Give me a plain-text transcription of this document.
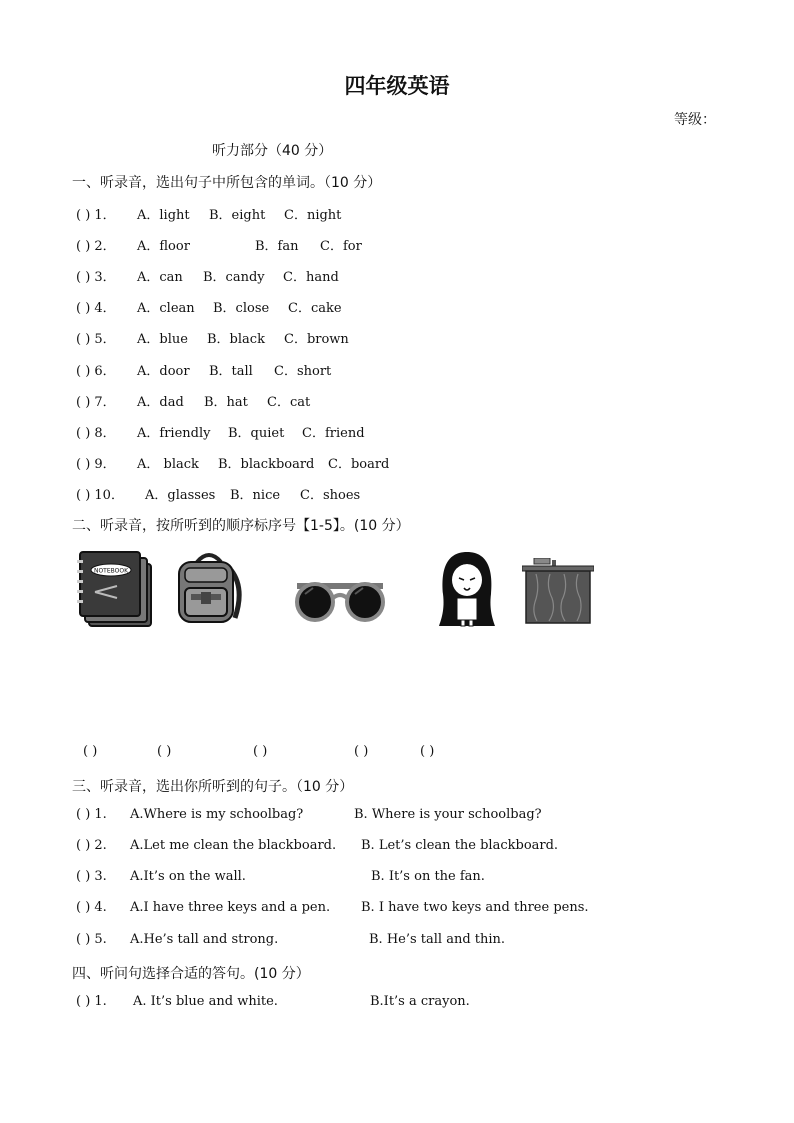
四年级英语
等级：
听力部分（40 分）
一、听录音，选出句子中所包含的单词。（10 分）
( ) 1． A．light B．eight C．night
( ) 2． A．floor	B．fan C．for
( ) 3． A．can B．candy C．hand
( ) 4． A．clean B．close C．cake
( ) 5． A．blue B．black C．brown
( ) 6． A．door B．tall C．short
( ) 7． A．dad B．hat C．cat
( ) 8． A．friendly B．quiet C．friend
( ) 9． A． black B．blackboard C．board
( ) 10． A．glasses B．nice C．shoes
二、听录音，按所听到的顺序标序号【1-5】。(10 分）
NOTEBOOK
( )	( )	( )	( )	( )
三、听录音，选出你所听到的句子。（10 分）
( ) 1. A.Where is my schoolbag?	B. Where is your schoolbag?
( ) 2. A.Let me clean the blackboard. B. Let’s clean the blackboard.
( ) 3. A.It’s on the wall.	B. It’s on the fan.
( ) 4. A.I have three keys and a pen. B. I have two keys and three pens.
( ) 5. A.He’s tall and strong.	B. He’s tall and thin.
四、听问句选择合适的答句。(10 分）
( ) 1. A. It’s blue and white.	B.It’s a crayon.
